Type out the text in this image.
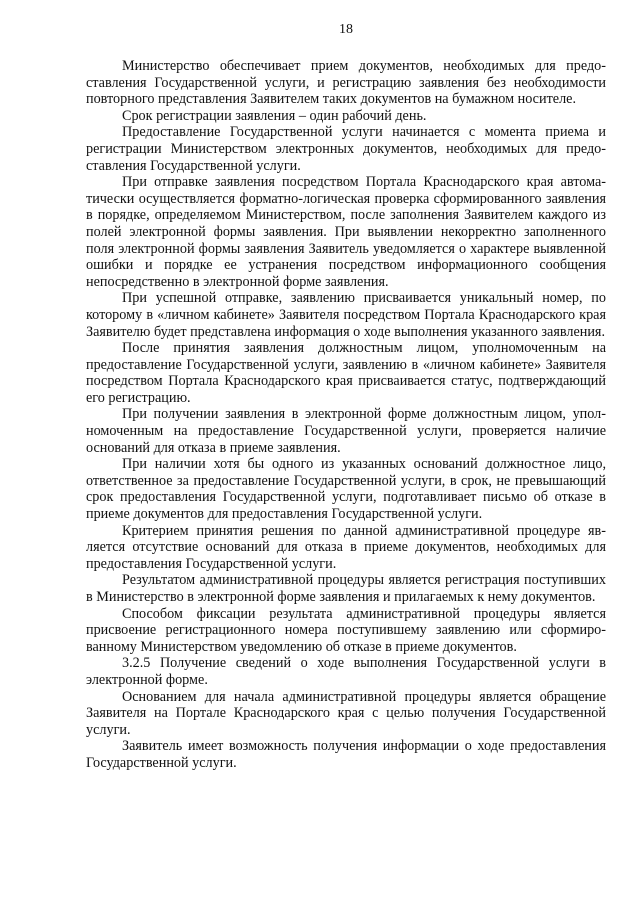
18

Министерство обеспечивает прием документов, необходимых для предоставления Государственной услуги, и регистрацию заявления без необходимости повторного представления Заявителем таких документов на бумажном носителе.

Срок регистрации заявления – один рабочий день.

Предоставление Государственной услуги начинается с момента приема и регистрации Министерством электронных документов, необходимых для предоставления Государственной услуги.

При отправке заявления посредством Портала Краснодарского края автоматически осуществляется форматно-логическая проверка сформированного заявления в порядке, определяемом Министерством, после заполнения Заявителем каждого из полей электронной формы заявления. При выявлении некорректно заполненного поля электронной формы заявления Заявитель уведомляется о характере выявленной ошибки и порядке ее устранения посредством информационного сообщения непосредственно в электронной форме заявления.

При успешной отправке, заявлению присваивается уникальный номер, по которому в «личном кабинете» Заявителя посредством Портала Краснодарского края Заявителю будет представлена информация о ходе выполнения указанного заявления.

После принятия заявления должностным лицом, уполномоченным на предоставление Государственной услуги, заявлению в «личном кабинете» Заявителя посредством Портала Краснодарского края присваивается статус, подтверждающий его регистрацию.

При получении заявления в электронной форме должностным лицом, уполномоченным на предоставление Государственной услуги, проверяется наличие оснований для отказа в приеме заявления.

При наличии хотя бы одного из указанных оснований должностное лицо, ответственное за предоставление Государственной услуги, в срок, не превышающий срок предоставления Государственной услуги, подготавливает письмо об отказе в приеме документов для предоставления Государственной услуги.

Критерием принятия решения по данной административной процедуре является отсутствие оснований для отказа в приеме документов, необходимых для предоставления Государственной услуги.

Результатом административной процедуры является регистрация поступивших в Министерство в электронной форме заявления и прилагаемых к нему документов.

Способом фиксации результата административной процедуры является присвоение регистрационного номера поступившему заявлению или сформированному Министерством уведомлению об отказе в приеме документов.

3.2.5 Получение сведений о ходе выполнения Государственной услуги в электронной форме.

Основанием для начала административной процедуры является обращение Заявителя на Портале Краснодарского края с целью получения Государственной услуги.

Заявитель имеет возможность получения информации о ходе предоставления Государственной услуги.
